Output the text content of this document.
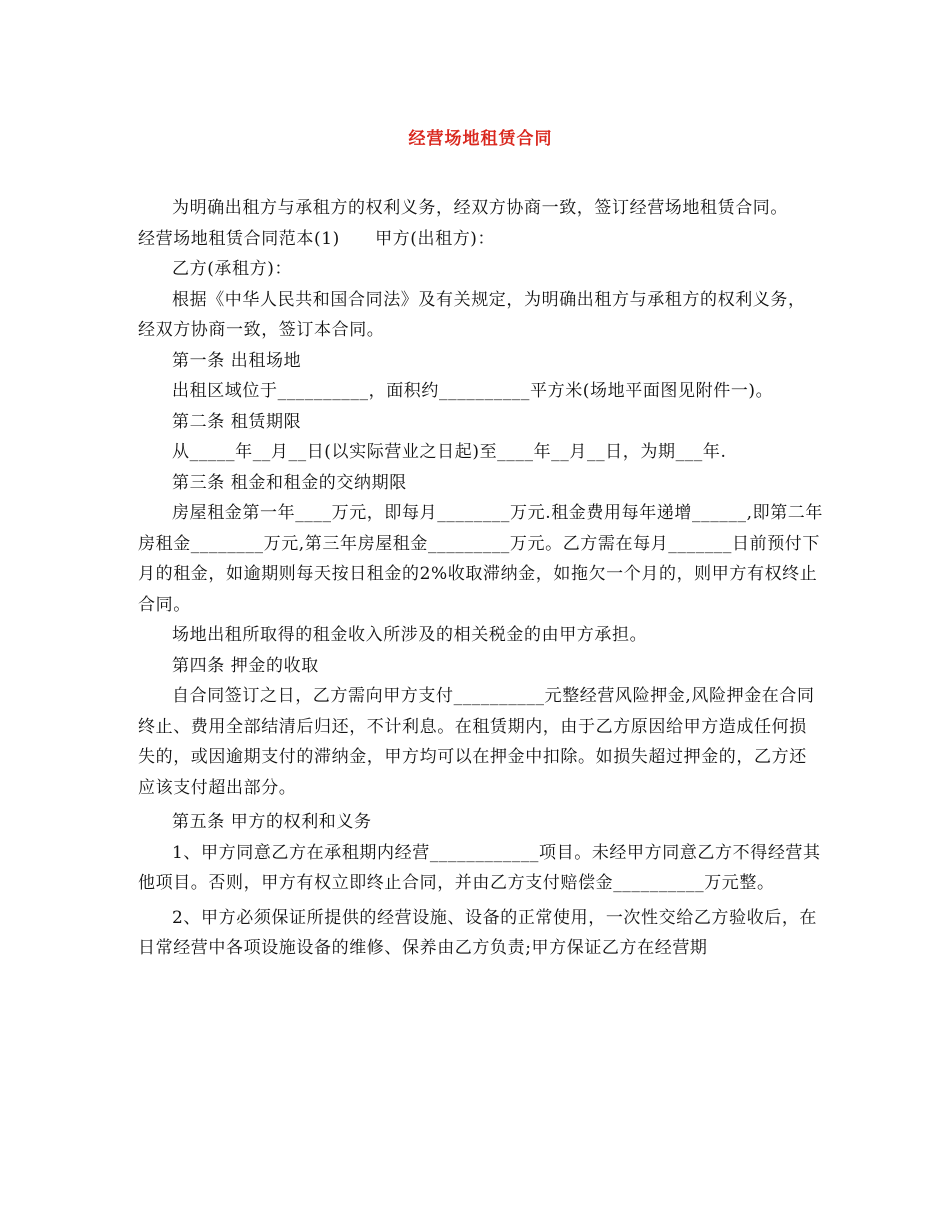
经营场地租赁合同

为明确出租方与承租方的权利义务，经双方协商一致，签订经营场地租赁合同。

经营场地租赁合同范本(1)　　甲方(出租方)：

乙方(承租方)：

根据《中华人民共和国合同法》及有关规定，为明确出租方与承租方的权利义务，经双方协商一致，签订本合同。

第一条 出租场地

出租区域位于__________，面积约__________平方米(场地平面图见附件一)。

第二条 租赁期限

从_____年__月__日(以实际营业之日起)至____年__月__日，为期___年.

第三条 租金和租金的交纳期限

房屋租金第一年____万元，即每月________万元.租金费用每年递增______,即第二年房租金________万元,第三年房屋租金_________万元。乙方需在每月_______日前预付下月的租金，如逾期则每天按日租金的2%收取滞纳金，如拖欠一个月的，则甲方有权终止合同。

场地出租所取得的租金收入所涉及的相关税金的由甲方承担。

第四条 押金的收取

自合同签订之日，乙方需向甲方支付__________元整经营风险押金,风险押金在合同终止、费用全部结清后归还，不计利息。在租赁期内，由于乙方原因给甲方造成任何损失的，或因逾期支付的滞纳金，甲方均可以在押金中扣除。如损失超过押金的，乙方还应该支付超出部分。

第五条 甲方的权利和义务

1、甲方同意乙方在承租期内经营____________项目。未经甲方同意乙方不得经营其他项目。否则，甲方有权立即终止合同，并由乙方支付赔偿金__________万元整。

2、甲方必须保证所提供的经营设施、设备的正常使用，一次性交给乙方验收后，在日常经营中各项设施设备的维修、保养由乙方负责;甲方保证乙方在经营期
